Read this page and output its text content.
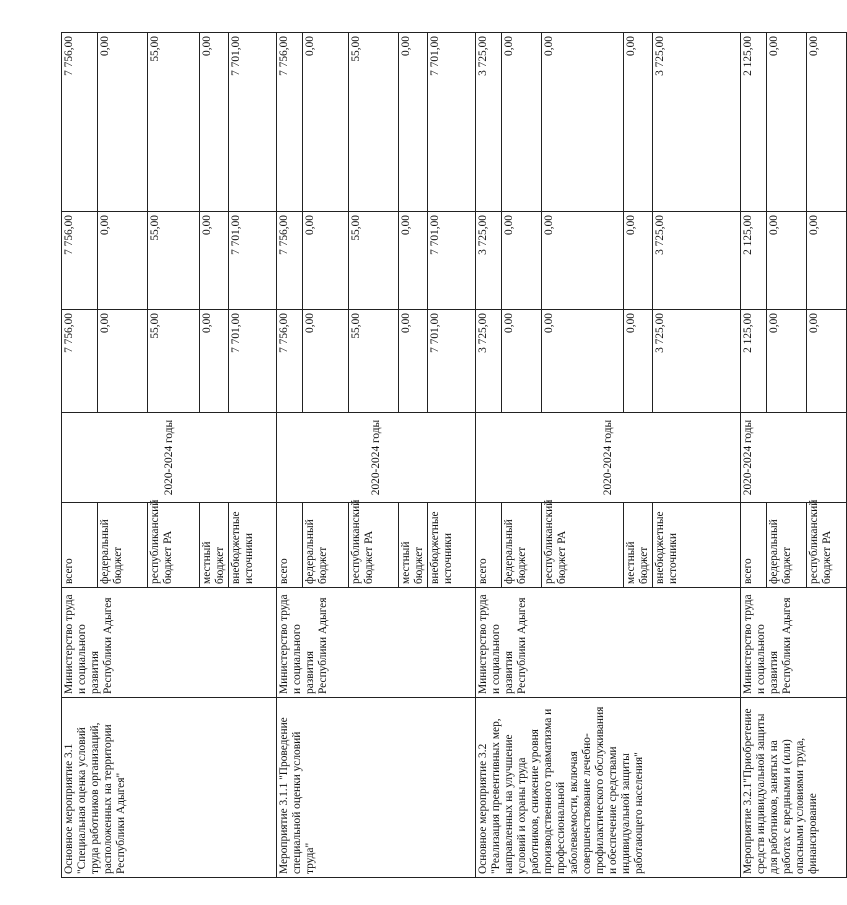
Основное мероприятие 3.1
"Специальная оценка условий труда работников организаций, расположенных на территории Республики Адыгея"	Министерство труда и социального развития Республики Адыгея	всего	2020-2024 годы	7 756,00	7 756,00	7 756,00
		федеральный бюджет		0,00	0,00	0,00
		республиканский бюджет РА		55,00	55,00	55,00
		местный бюджет		0,00	0,00	0,00
		внебюджетные источники		7 701,00	7 701,00	7 701,00
Мероприятие 3.1.1 "Проведение специальной оценки условий труда"	Министерство труда и социального развития Республики Адыгея	всего	2020-2024 годы	7 756,00	7 756,00	7 756,00
		федеральный бюджет		0,00	0,00	0,00
		республиканский бюджет РА		55,00	55,00	55,00
		местный бюджет		0,00	0,00	0,00
		внебюджетные источники		7 701,00	7 701,00	7 701,00

Основное мероприятие 3.2
"Реализация превентивных мер, направленных на улучшение условий и охраны труда работников, снижение уровня производственного травматизма и профессиональной заболеваемости, включая совершенствование лечебно-профилактического обслуживания и обеспечение средствами индивидуальной защиты работающего населения"	Министерство труда и социального развития Республики Адыгея	всего	2020-2024 годы	3 725,00	3 725,00	3 725,00
		федеральный бюджет		0,00	0,00	0,00
		республиканский бюджет РА		0,00	0,00	0,00
		местный бюджет		0,00	0,00	0,00
		внебюджетные источники		3 725,00	3 725,00	3 725,00
Мероприятие 3.2.1"Приобретение средств индивидуальной защиты для работников, занятых на работах с вредными и (или) опасными условиями труда, финансирование	Министерство труда и социального развития Республики Адыгея	всего	2020-2024 годы	2 125,00	2 125,00	2 125,00
		федеральный бюджет		0,00	0,00	0,00
		республиканский бюджет РА		0,00	0,00	0,00
